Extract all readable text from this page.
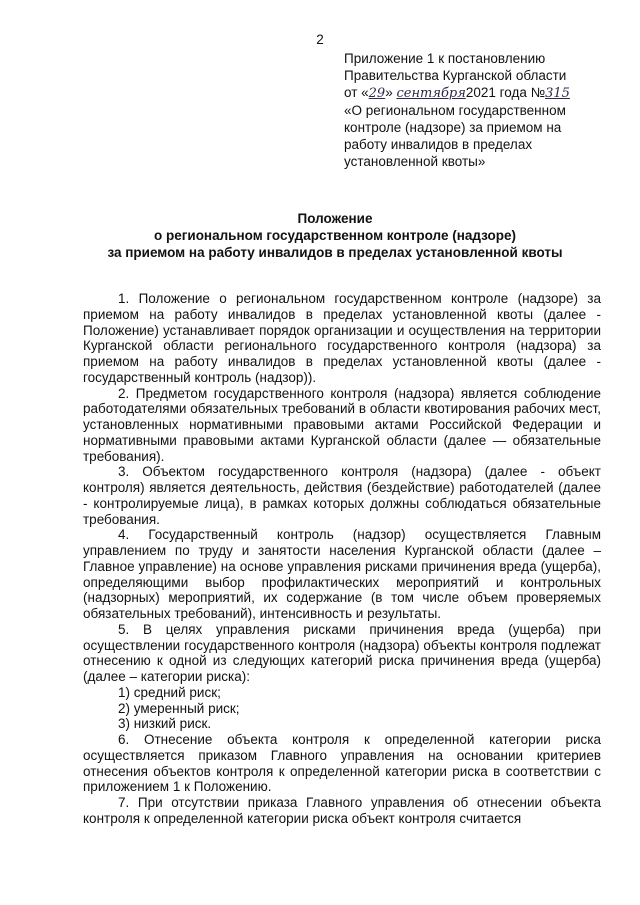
2
Приложение 1 к постановлению
Правительства Курганской области
от «29» сентября2021 года №315
«О региональном государственном
контроле (надзоре) за приемом на
работу инвалидов в пределах
установленной квоты»
Положение
о региональном государственном контроле (надзоре)
за приемом на работу инвалидов в пределах установленной квоты

1. Положение о региональном государственном контроле (надзоре) за приемом на работу инвалидов в пределах установленной квоты (далее - Положение) устанавливает порядок организации и осуществления на территории Курганской области регионального государственного контроля (надзора) за приемом на работу инвалидов в пределах установленной квоты (далее - государственный контроль (надзор)).

2. Предметом государственного контроля (надзора) является соблюдение работодателями обязательных требований в области квотирования рабочих мест, установленных нормативными правовыми актами Российской Федерации и нормативными правовыми актами Курганской области (далее — обязательные требования).

3. Объектом государственного контроля (надзора) (далее - объект контроля) является деятельность, действия (бездействие) работодателей (далее - контролируемые лица), в рамках которых должны соблюдаться обязательные требования.

4. Государственный контроль (надзор) осуществляется Главным управлением по труду и занятости населения Курганской области (далее – Главное управление) на основе управления рисками причинения вреда (ущерба), определяющими выбор профилактических мероприятий и контрольных (надзорных) мероприятий, их содержание (в том числе объем проверяемых обязательных требований), интенсивность и результаты.

5. В целях управления рисками причинения вреда (ущерба) при осуществлении государственного контроля (надзора) объекты контроля подлежат отнесению к одной из следующих категорий риска причинения вреда (ущерба) (далее – категории риска):

1) средний риск;

2) умеренный риск;

3) низкий риск.

6. Отнесение объекта контроля к определенной категории риска осуществляется приказом Главного управления на основании критериев отнесения объектов контроля к определенной категории риска в соответствии с приложением 1 к Положению.

7. При отсутствии приказа Главного управления об отнесении объекта контроля к определенной категории риска объект контроля считается
